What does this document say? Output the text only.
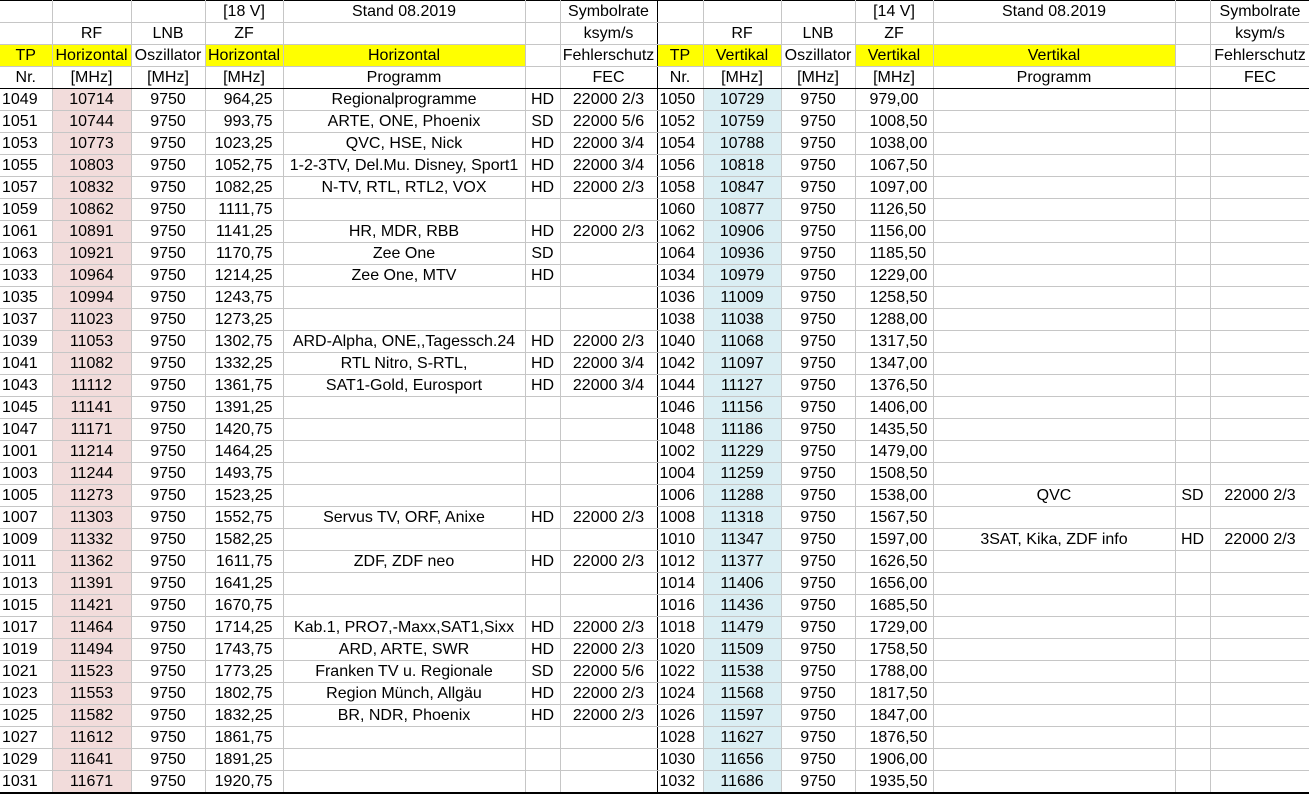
			[18 V]	Stand 08.2019		Symbolrate				[14 V]	Stand 08.2019		Symbolrate
	RF	LNB	ZF			ksym/s		RF	LNB	ZF			ksym/s
TP	Horizontal	Oszillator	Horizontal	Horizontal		Fehlerschutz	TP	Vertikal	Oszillator	Vertikal	Vertikal		Fehlerschutz
Nr.	[MHz]	[MHz]	[MHz]	Programm		FEC	Nr.	[MHz]	[MHz]	[MHz]	Programm		FEC
1049	10714	9750	964,25	Regionalprogramme	HD	22000 2/3	1050	10729	9750	979,00			
1051	10744	9750	993,75	ARTE, ONE, Phoenix	SD	22000 5/6	1052	10759	9750	1008,50			
1053	10773	9750	1023,25	QVC, HSE, Nick	HD	22000 3/4	1054	10788	9750	1038,00			
1055	10803	9750	1052,75	1-2-3TV, Del.Mu. Disney, Sport1	HD	22000 3/4	1056	10818	9750	1067,50			
1057	10832	9750	1082,25	N-TV, RTL, RTL2, VOX	HD	22000 2/3	1058	10847	9750	1097,00			
1059	10862	9750	1111,75				1060	10877	9750	1126,50			
1061	10891	9750	1141,25	HR, MDR, RBB	HD	22000 2/3	1062	10906	9750	1156,00			
1063	10921	9750	1170,75	Zee One	SD		1064	10936	9750	1185,50			
1033	10964	9750	1214,25	Zee One, MTV	HD		1034	10979	9750	1229,00			
1035	10994	9750	1243,75				1036	11009	9750	1258,50			
1037	11023	9750	1273,25				1038	11038	9750	1288,00			
1039	11053	9750	1302,75	ARD-Alpha, ONE,,Tagessch.24	HD	22000 2/3	1040	11068	9750	1317,50			
1041	11082	9750	1332,25	RTL Nitro, S-RTL,	HD	22000 3/4	1042	11097	9750	1347,00			
1043	11112	9750	1361,75	SAT1-Gold, Eurosport	HD	22000 3/4	1044	11127	9750	1376,50			
1045	11141	9750	1391,25				1046	11156	9750	1406,00			
1047	11171	9750	1420,75				1048	11186	9750	1435,50			
1001	11214	9750	1464,25				1002	11229	9750	1479,00			
1003	11244	9750	1493,75				1004	11259	9750	1508,50			
1005	11273	9750	1523,25				1006	11288	9750	1538,00	QVC	SD	22000 2/3
1007	11303	9750	1552,75	Servus TV, ORF, Anixe	HD	22000 2/3	1008	11318	9750	1567,50			
1009	11332	9750	1582,25				1010	11347	9750	1597,00	3SAT, Kika, ZDF info	HD	22000 2/3
1011	11362	9750	1611,75	ZDF, ZDF neo	HD	22000 2/3	1012	11377	9750	1626,50			
1013	11391	9750	1641,25				1014	11406	9750	1656,00			
1015	11421	9750	1670,75				1016	11436	9750	1685,50			
1017	11464	9750	1714,25	Kab.1, PRO7,-Maxx,SAT1,Sixx	HD	22000 2/3	1018	11479	9750	1729,00			
1019	11494	9750	1743,75	ARD, ARTE, SWR	HD	22000 2/3	1020	11509	9750	1758,50			
1021	11523	9750	1773,25	Franken TV u. Regionale	SD	22000 5/6	1022	11538	9750	1788,00			
1023	11553	9750	1802,75	Region Münch, Allgäu	HD	22000 2/3	1024	11568	9750	1817,50			
1025	11582	9750	1832,25	BR, NDR, Phoenix	HD	22000 2/3	1026	11597	9750	1847,00			
1027	11612	9750	1861,75				1028	11627	9750	1876,50			
1029	11641	9750	1891,25				1030	11656	9750	1906,00			
1031	11671	9750	1920,75				1032	11686	9750	1935,50			
